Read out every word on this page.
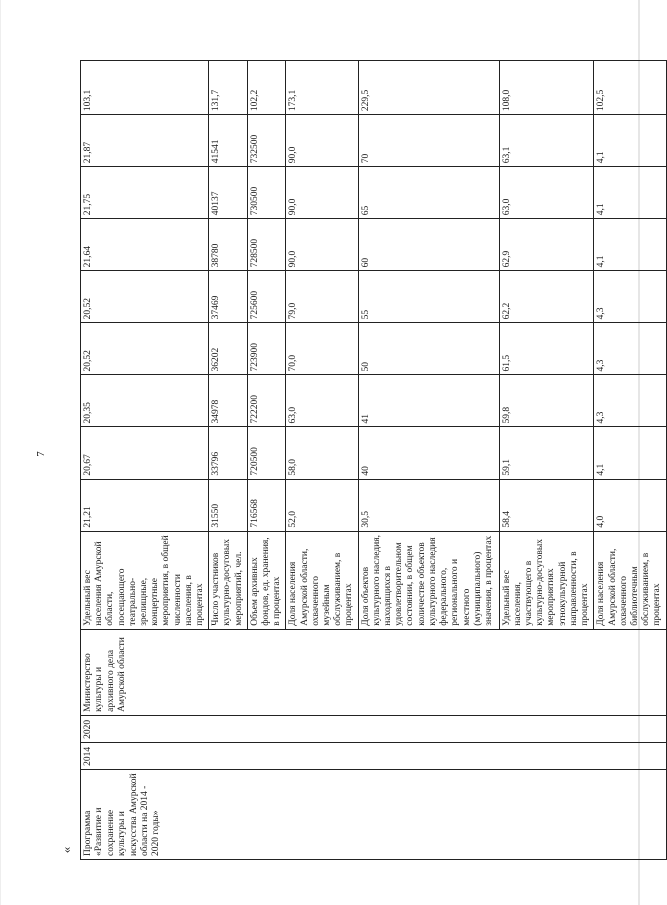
7
« Программа «Развитие и сохранение культуры и искусства Амурской области на 2014 - 2020 годы»	2014	2020	Министерство культуры и архивного дела Амурской области	Удельный вес населения Амурской области, посещающего театрально-зрелищные, концертные мероприятия, в общей численности населения, в процентах	21,21	20,67	20,35	20,52	20,52	21,64	21,75	21,87	103,1
				Число участников культурно-досуговых мероприятий, чел.	31550	33796	34978	36202	37469	38780	40137	41541	131,7
				Объем архивных фондов, ед. хранения, в процентах	716568	720500	722200	723900	725600	728500	730500	732500	102,2
				Доля населения Амурской области, охваченного музейным обслуживанием, в процентах	52,0	58,0	63,0	70,0	79,0	90,0	90,0	90,0	173,1
				Доля объектов культурного наследия, находящихся в удовлетворительном состоянии, в общем количестве объектов культурного наследия федерального, регионального и местного (муниципального) значения, в процентах	30,5	40	41	50	55	60	65	70	229,5
				Удельный вес населения, участвующего в культурно-досуговых мероприятиях этнокультурной направленности, в процентах	58,4	59,1	59,8	61,5	62,2	62,9	63,0	63,1	108,0
				Доля населения Амурской области, охваченного библиотечным обслуживанием, в процентах	4,0	4,1	4,3	4,3	4,3	4,1	4,1	4,1	102,5
